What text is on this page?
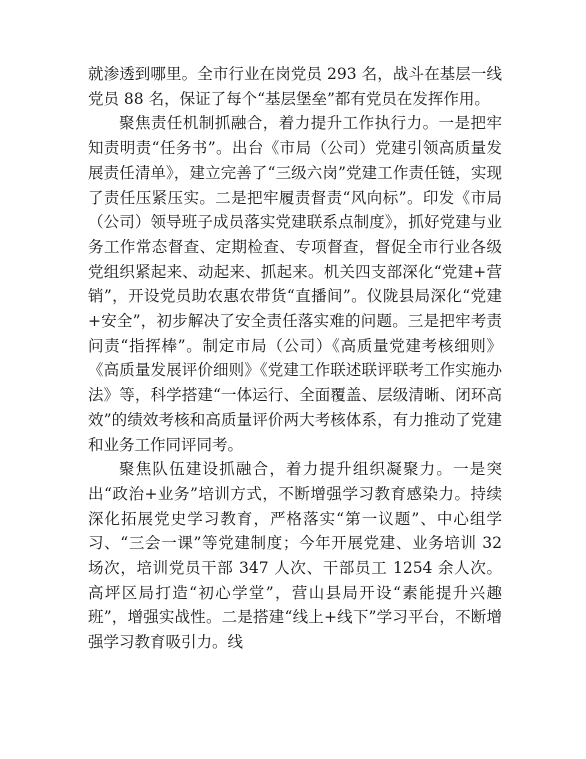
就渗透到哪里。全市行业在岗党员 293 名，战斗在基层一线党员 88 名，保证了每个“基层堡垒”都有党员在发挥作用。

聚焦责任机制抓融合，着力提升工作执行力。一是把牢知责明责“任务书”。出台《市局（公司）党建引领高质量发展责任清单》，建立完善了“三级六岗”党建工作责任链，实现了责任压紧压实。二是把牢履责督责“风向标”。印发《市局（公司）领导班子成员落实党建联系点制度》，抓好党建与业务工作常态督查、定期检查、专项督查，督促全市行业各级党组织紧起来、动起来、抓起来。机关四支部深化“党建+营销”，开设党员助农惠农带货“直播间”。仪陇县局深化“党建+安全”，初步解决了安全责任落实难的问题。三是把牢考责问责“指挥棒”。制定市局（公司）《高质量党建考核细则》《高质量发展评价细则》《党建工作联述联评联考工作实施办法》等，科学搭建“一体运行、全面覆盖、层级清晰、闭环高效”的绩效考核和高质量评价两大考核体系，有力推动了党建和业务工作同评同考。

聚焦队伍建设抓融合，着力提升组织凝聚力。一是突出“政治+业务”培训方式，不断增强学习教育感染力。持续深化拓展党史学习教育，严格落实“第一议题”、中心组学习、“三会一课”等党建制度；今年开展党建、业务培训 32 场次，培训党员干部 347 人次、干部员工 1254 余人次。高坪区局打造“初心学堂”，营山县局开设“素能提升兴趣班”，增强实战性。二是搭建“线上+线下”学习平台，不断增强学习教育吸引力。线
